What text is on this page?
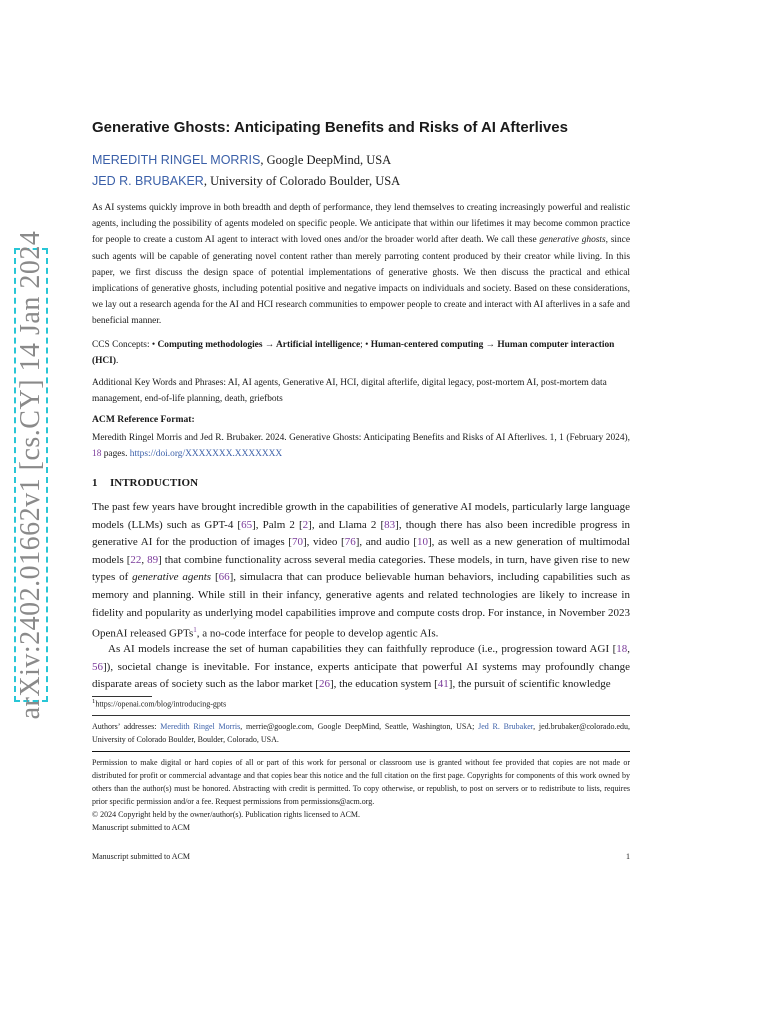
arXiv:2402.01662v1 [cs.CY] 14 Jan 2024
Generative Ghosts: Anticipating Benefits and Risks of AI Afterlives
MEREDITH RINGEL MORRIS, Google DeepMind, USA
JED R. BRUBAKER, University of Colorado Boulder, USA

As AI systems quickly improve in both breadth and depth of performance, they lend themselves to creating increasingly powerful and realistic agents, including the possibility of agents modeled on specific people. We anticipate that within our lifetimes it may become common practice for people to create a custom AI agent to interact with loved ones and/or the broader world after death. We call these generative ghosts, since such agents will be capable of generating novel content rather than merely parroting content produced by their creator while living. In this paper, we first discuss the design space of potential implementations of generative ghosts. We then discuss the practical and ethical implications of generative ghosts, including potential positive and negative impacts on individuals and society. Based on these considerations, we lay out a research agenda for the AI and HCI research communities to empower people to create and interact with AI afterlives in a safe and beneficial manner.

CCS Concepts: • Computing methodologies → Artificial intelligence; • Human-centered computing → Human computer interaction (HCI).

Additional Key Words and Phrases: AI, AI agents, Generative AI, HCI, digital afterlife, digital legacy, post-mortem AI, post-mortem data management, end-of-life planning, death, griefbots

ACM Reference Format:

Meredith Ringel Morris and Jed R. Brubaker. 2024. Generative Ghosts: Anticipating Benefits and Risks of AI Afterlives. 1, 1 (February 2024), 18 pages. https://doi.org/XXXXXXX.XXXXXXX

1 INTRODUCTION

The past few years have brought incredible growth in the capabilities of generative AI models, particularly large language models (LLMs) such as GPT-4 [65], Palm 2 [2], and Llama 2 [83], though there has also been incredible progress in generative AI for the production of images [70], video [76], and audio [10], as well as a new generation of multimodal models [22, 89] that combine functionality across several media categories. These models, in turn, have given rise to new types of generative agents [66], simulacra that can produce believable human behaviors, including capabilities such as memory and planning. While still in their infancy, generative agents and related technologies are likely to increase in fidelity and popularity as underlying model capabilities improve and compute costs drop. For instance, in November 2023 OpenAI released GPTs$^1$, a no-code interface for people to develop agentic AIs.

As AI models increase the set of human capabilities they can faithfully reproduce (i.e., progression toward AGI [18, 56]), societal change is inevitable. For instance, experts anticipate that powerful AI systems may profoundly change disparate areas of society such as the labor market [26], the education system [41], the pursuit of scientific knowledge

$^1$https://openai.com/blog/introducing-gpts

Authors’ addresses: Meredith Ringel Morris, merrie@google.com, Google DeepMind, Seattle, Washington, USA; Jed R. Brubaker, jed.brubaker@colorado.edu, University of Colorado Boulder, Boulder, Colorado, USA.

Permission to make digital or hard copies of all or part of this work for personal or classroom use is granted without fee provided that copies are not made or distributed for profit or commercial advantage and that copies bear this notice and the full citation on the first page. Copyrights for components of this work owned by others than the author(s) must be honored. Abstracting with credit is permitted. To copy otherwise, or republish, to post on servers or to redistribute to lists, requires prior specific permission and/or a fee. Request permissions from permissions@acm.org.

© 2024 Copyright held by the owner/author(s). Publication rights licensed to ACM.

Manuscript submitted to ACM

Manuscript submitted to ACM	1
